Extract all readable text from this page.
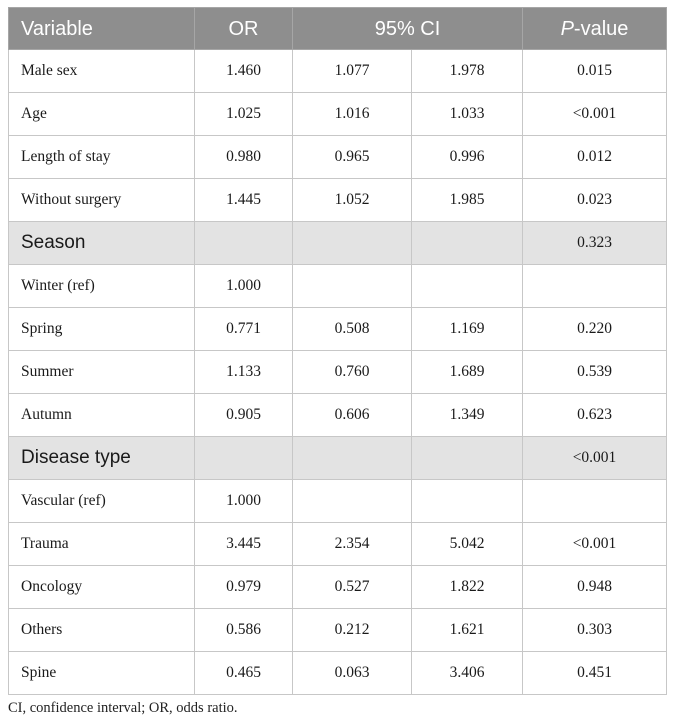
Variable	OR	95% CI		P-value
Male sex	1.460	1.077	1.978	0.015
Age	1.025	1.016	1.033	<0.001
Length of stay	0.980	0.965	0.996	0.012
Without surgery	1.445	1.052	1.985	0.023
Season				0.323
Winter (ref)	1.000			
Spring	0.771	0.508	1.169	0.220
Summer	1.133	0.760	1.689	0.539
Autumn	0.905	0.606	1.349	0.623
Disease type				<0.001
Vascular (ref)	1.000			
Trauma	3.445	2.354	5.042	<0.001
Oncology	0.979	0.527	1.822	0.948
Others	0.586	0.212	1.621	0.303
Spine	0.465	0.063	3.406	0.451
CI, confidence interval; OR, odds ratio.
